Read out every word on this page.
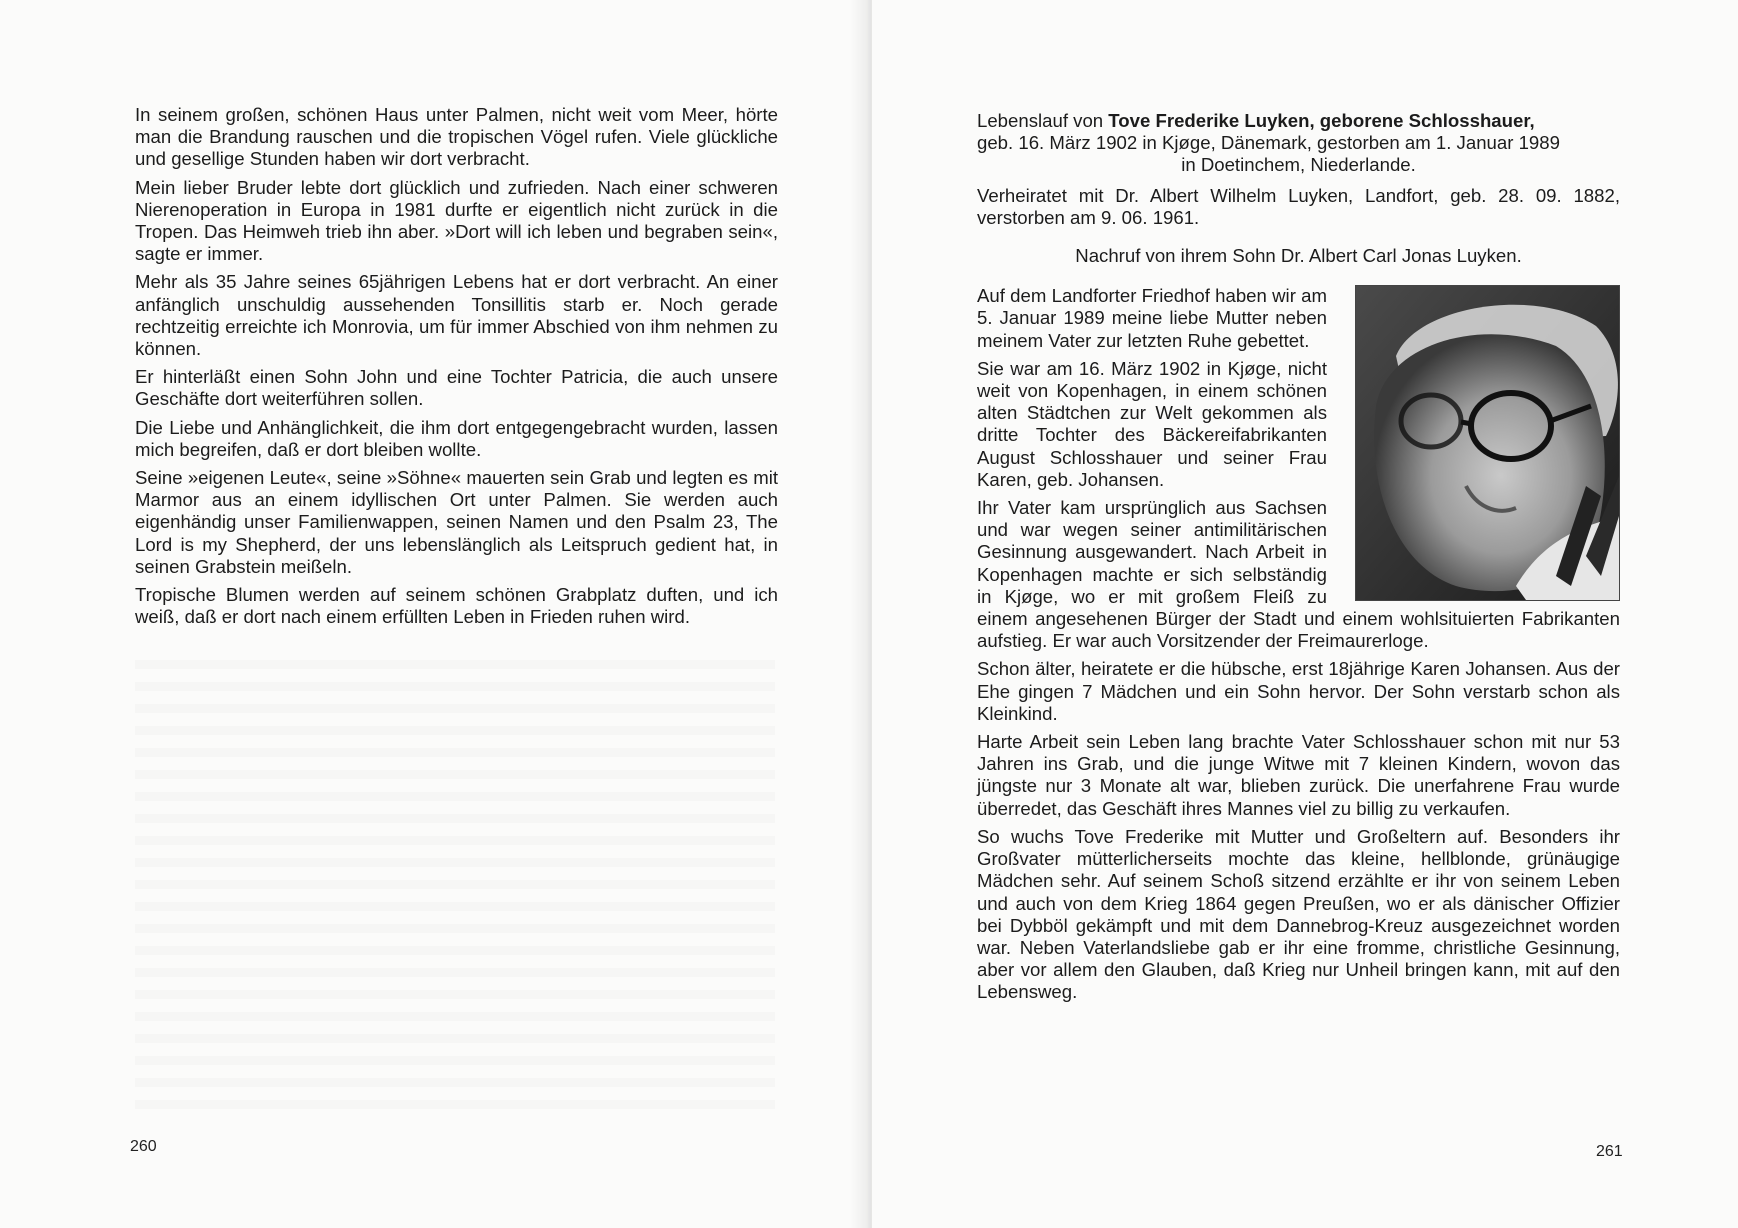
In seinem großen, schönen Haus unter Palmen, nicht weit vom Meer, hörte man die Brandung rauschen und die tropischen Vögel rufen. Viele glückliche und gesellige Stunden haben wir dort verbracht.

Mein lieber Bruder lebte dort glücklich und zufrieden. Nach einer schweren Nierenoperation in Europa in 1981 durfte er eigentlich nicht zurück in die Tropen. Das Heimweh trieb ihn aber. »Dort will ich leben und begraben sein«, sagte er immer.

Mehr als 35 Jahre seines 65jährigen Lebens hat er dort verbracht. An einer anfänglich unschuldig aussehenden Tonsillitis starb er. Noch gerade rechtzeitig erreichte ich Monrovia, um für immer Abschied von ihm nehmen zu können.

Er hinterläßt einen Sohn John und eine Tochter Patricia, die auch unsere Geschäfte dort weiterführen sollen.

Die Liebe und Anhänglichkeit, die ihm dort entgegengebracht wurden, lassen mich begreifen, daß er dort bleiben wollte.

Seine »eigenen Leute«, seine »Söhne« mauerten sein Grab und legten es mit Marmor aus an einem idyllischen Ort unter Palmen. Sie werden auch eigenhändig unser Familienwappen, seinen Namen und den Psalm 23, The Lord is my Shepherd, der uns lebenslänglich als Leitspruch gedient hat, in seinen Grabstein meißeln.

Tropische Blumen werden auf seinem schönen Grabplatz duften, und ich weiß, daß er dort nach einem erfüllten Leben in Frieden ruhen wird.

260

Lebenslauf von Tove Frederike Luyken, geborene Schlosshauer,

geb. 16. März 1902 in Kjøge, Dänemark, gestorben am 1. Januar 1989

in Doetinchem, Niederlande.

Verheiratet mit Dr. Albert Wilhelm Luyken, Landfort, geb. 28. 09. 1882, verstorben am 9. 06. 1961.

Nachruf von ihrem Sohn Dr. Albert Carl Jonas Luyken.

Auf dem Landforter Friedhof haben wir am 5. Januar 1989 meine liebe Mutter neben meinem Vater zur letzten Ruhe gebettet.

Sie war am 16. März 1902 in Kjøge, nicht weit von Kopenhagen, in einem schönen alten Städtchen zur Welt gekommen als dritte Tochter des Bäckereifabrikanten August Schlosshauer und seiner Frau Karen, geb. Johansen.

Ihr Vater kam ursprünglich aus Sachsen und war wegen seiner antimilitärischen Gesinnung ausgewandert. Nach Arbeit in Kopenhagen machte er sich selbständig in Kjøge, wo er mit großem Fleiß zu einem angesehenen Bürger der Stadt und einem wohlsituierten Fabrikanten aufstieg. Er war auch Vorsitzender der Freimaurerloge.

Schon älter, heiratete er die hübsche, erst 18jährige Karen Johansen. Aus der Ehe gingen 7 Mädchen und ein Sohn hervor. Der Sohn verstarb schon als Kleinkind.

Harte Arbeit sein Leben lang brachte Vater Schlosshauer schon mit nur 53 Jahren ins Grab, und die junge Witwe mit 7 kleinen Kindern, wovon das jüngste nur 3 Monate alt war, blieben zurück. Die unerfahrene Frau wurde überredet, das Geschäft ihres Mannes viel zu billig zu verkaufen.

So wuchs Tove Frederike mit Mutter und Großeltern auf. Besonders ihr Großvater mütterlicherseits mochte das kleine, hellblonde, grünäugige Mädchen sehr. Auf seinem Schoß sitzend erzählte er ihr von seinem Leben und auch von dem Krieg 1864 gegen Preußen, wo er als dänischer Offizier bei Dybböl gekämpft und mit dem Dannebrog-Kreuz ausgezeichnet worden war. Neben Vaterlandsliebe gab er ihr eine fromme, christliche Gesinnung, aber vor allem den Glauben, daß Krieg nur Unheil bringen kann, mit auf den Lebensweg.

261
